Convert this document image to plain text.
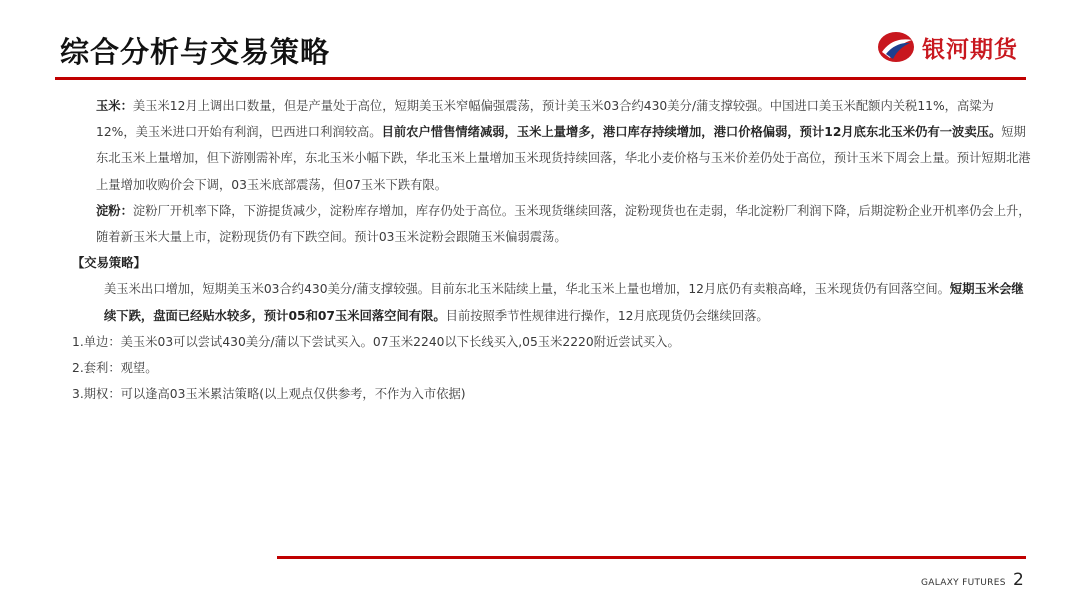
综合分析与交易策略	银河期货

玉米：美玉米12月上调出口数量，但是产量处于高位，短期美玉米窄幅偏强震荡，预计美玉米03合约430美分/蒲支撑较强。中国进口美玉米配额内关税11%，高粱为12%，美玉米进口开始有利润，巴西进口利润较高。目前农户惜售情绪减弱，玉米上量增多，港口库存持续增加，港口价格偏弱，预计12月底东北玉米仍有一波卖压。短期东北玉米上量增加，但下游刚需补库，东北玉米小幅下跌，华北玉米上量增加玉米现货持续回落，华北小麦价格与玉米价差仍处于高位，预计玉米下周会上量。预计短期北港上量增加收购价会下调，03玉米底部震荡，但07玉米下跌有限。

淀粉：淀粉厂开机率下降，下游提货减少，淀粉库存增加，库存仍处于高位。玉米现货继续回落，淀粉现货也在走弱，华北淀粉厂利润下降，后期淀粉企业开机率仍会上升，随着新玉米大量上市，淀粉现货仍有下跌空间。预计03玉米淀粉会跟随玉米偏弱震荡。

【交易策略】

美玉米出口增加，短期美玉米03合约430美分/蒲支撑较强。目前东北玉米陆续上量，华北玉米上量也增加，12月底仍有卖粮高峰，玉米现货仍有回落空间。短期玉米会继续下跌，盘面已经贴水较多，预计05和07玉米回落空间有限。目前按照季节性规律进行操作，12月底现货仍会继续回落。

1.单边：美玉米03可以尝试430美分/蒲以下尝试买入。07玉米2240以下长线买入,05玉米2220附近尝试买入。

2.套利：观望。

3.期权：可以逢高03玉米累沽策略(以上观点仅供参考，不作为入市依据)

GALAXY FUTURES 2
